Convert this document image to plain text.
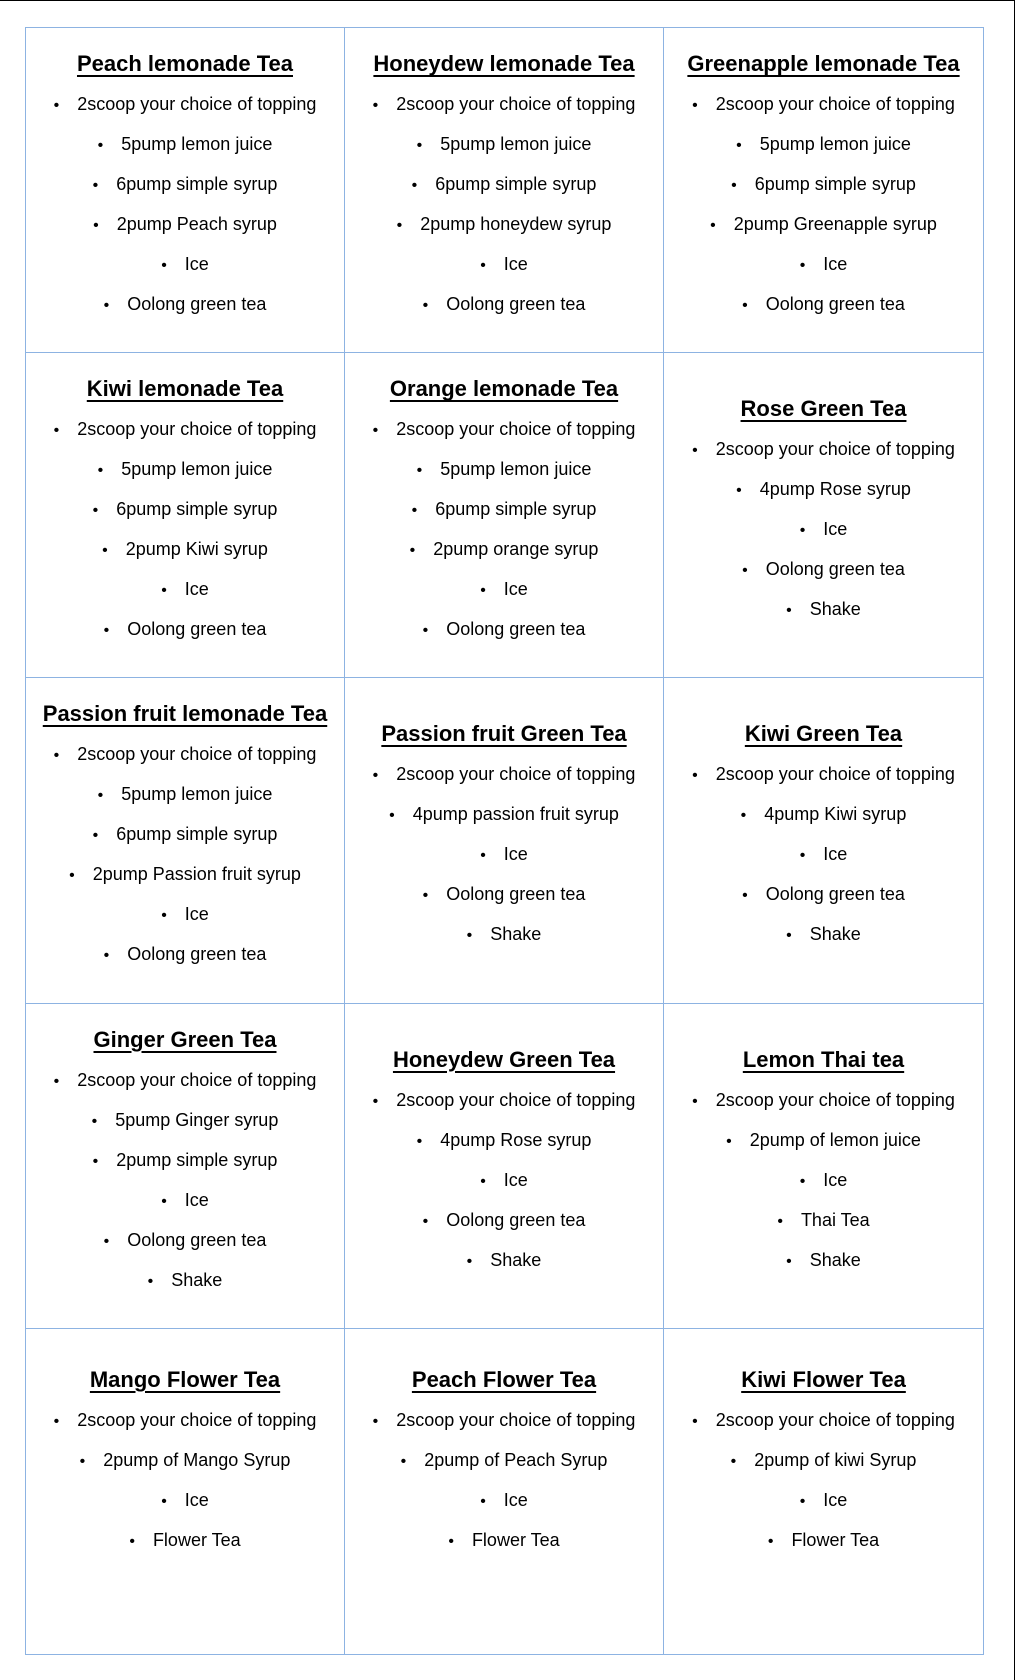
Peach lemonade Tea
• 2scoop your choice of topping
• 5pump lemon juice
• 6pump simple syrup
• 2pump Peach syrup
• Ice
• Oolong green tea
Honeydew lemonade Tea
• 2scoop your choice of topping
• 5pump lemon juice
• 6pump simple syrup
• 2pump honeydew syrup
• Ice
• Oolong green tea
Greenapple lemonade Tea
• 2scoop your choice of topping
• 5pump lemon juice
• 6pump simple syrup
• 2pump Greenapple syrup
• Ice
• Oolong green tea
Kiwi lemonade Tea
• 2scoop your choice of topping
• 5pump lemon juice
• 6pump simple syrup
• 2pump Kiwi syrup
• Ice
• Oolong green tea
Orange lemonade Tea
• 2scoop your choice of topping
• 5pump lemon juice
• 6pump simple syrup
• 2pump orange syrup
• Ice
• Oolong green tea
Rose Green Tea
• 2scoop your choice of topping
• 4pump Rose syrup
• Ice
• Oolong green tea
• Shake
Passion fruit lemonade Tea
• 2scoop your choice of topping
• 5pump lemon juice
• 6pump simple syrup
• 2pump Passion fruit syrup
• Ice
• Oolong green tea
Passion fruit Green Tea
• 2scoop your choice of topping
• 4pump passion fruit syrup
• Ice
• Oolong green tea
• Shake
Kiwi Green Tea
• 2scoop your choice of topping
• 4pump Kiwi syrup
• Ice
• Oolong green tea
• Shake
Ginger Green Tea
• 2scoop your choice of topping
• 5pump Ginger syrup
• 2pump simple syrup
• Ice
• Oolong green tea
• Shake
Honeydew Green Tea
• 2scoop your choice of topping
• 4pump Rose syrup
• Ice
• Oolong green tea
• Shake
Lemon Thai tea
• 2scoop your choice of topping
• 2pump of lemon juice
• Ice
• Thai Tea
• Shake
Mango Flower Tea
• 2scoop your choice of topping
• 2pump of Mango Syrup
• Ice
• Flower Tea
Peach Flower Tea
• 2scoop your choice of topping
• 2pump of Peach Syrup
• Ice
• Flower Tea
Kiwi Flower Tea
• 2scoop your choice of topping
• 2pump of kiwi Syrup
• Ice
• Flower Tea
